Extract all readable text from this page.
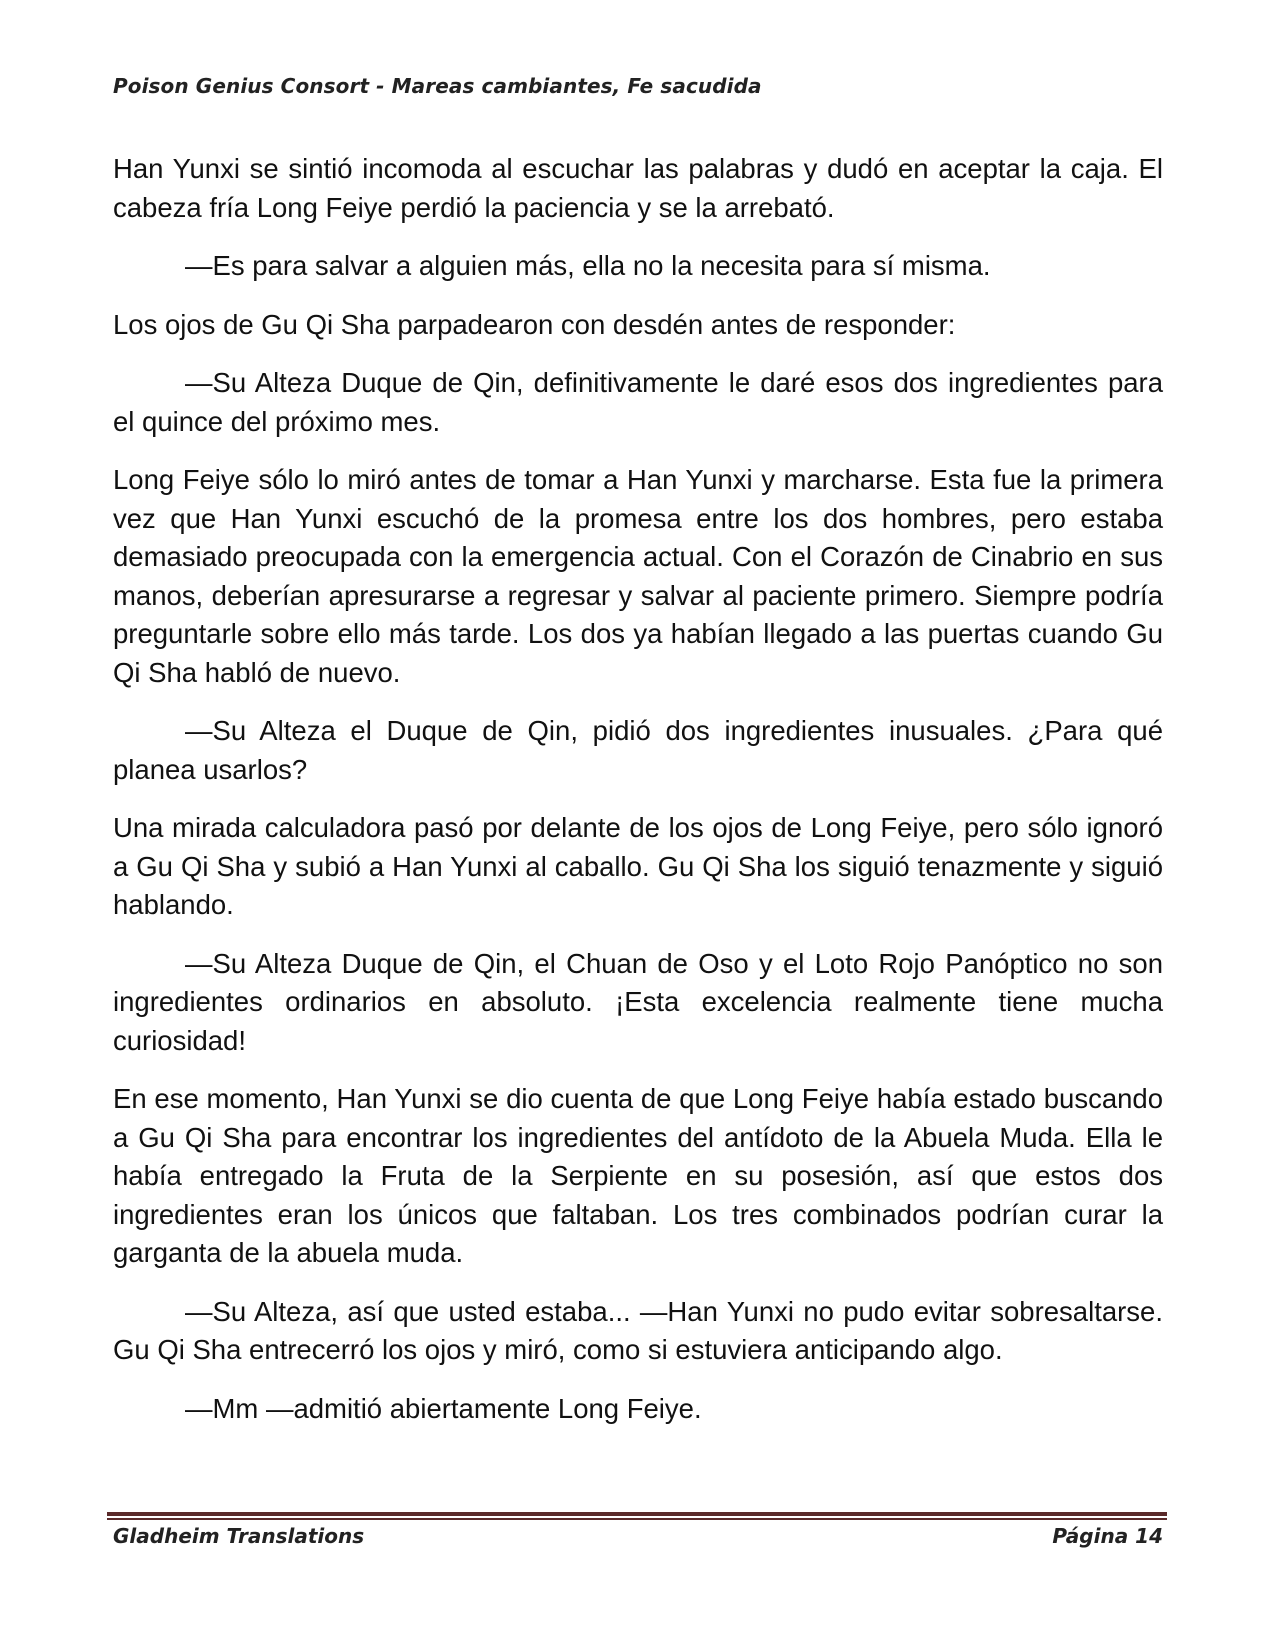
Poison Genius Consort - Mareas cambiantes, Fe sacudida

Han Yunxi se sintió incomoda al escuchar las palabras y dudó en aceptar la caja. El cabeza fría Long Feiye perdió la paciencia y se la arrebató.

—Es para salvar a alguien más, ella no la necesita para sí misma.

Los ojos de Gu Qi Sha parpadearon con desdén antes de responder:

—Su Alteza Duque de Qin, definitivamente le daré esos dos ingredientes para el quince del próximo mes.

Long Feiye sólo lo miró antes de tomar a Han Yunxi y marcharse. Esta fue la primera vez que Han Yunxi escuchó de la promesa entre los dos hombres, pero estaba demasiado preocupada con la emergencia actual. Con el Corazón de Cinabrio en sus manos, deberían apresurarse a regresar y salvar al paciente primero. Siempre podría preguntarle sobre ello más tarde. Los dos ya habían llegado a las puertas cuando Gu Qi Sha habló de nuevo.

—Su Alteza el Duque de Qin, pidió dos ingredientes inusuales. ¿Para qué planea usarlos?

Una mirada calculadora pasó por delante de los ojos de Long Feiye, pero sólo ignoró a Gu Qi Sha y subió a Han Yunxi al caballo. Gu Qi Sha los siguió tenazmente y siguió hablando.

—Su Alteza Duque de Qin, el Chuan de Oso y el Loto Rojo Panóptico no son ingredientes ordinarios en absoluto. ¡Esta excelencia realmente tiene mucha curiosidad!

En ese momento, Han Yunxi se dio cuenta de que Long Feiye había estado buscando a Gu Qi Sha para encontrar los ingredientes del antídoto de la Abuela Muda. Ella le había entregado la Fruta de la Serpiente en su posesión, así que estos dos ingredientes eran los únicos que faltaban. Los tres combinados podrían curar la garganta de la abuela muda.

—Su Alteza, así que usted estaba... —Han Yunxi no pudo evitar sobresaltarse. Gu Qi Sha entrecerró los ojos y miró, como si estuviera anticipando algo.

—Mm —admitió abiertamente Long Feiye.

Gladheim Translations	Página 14
